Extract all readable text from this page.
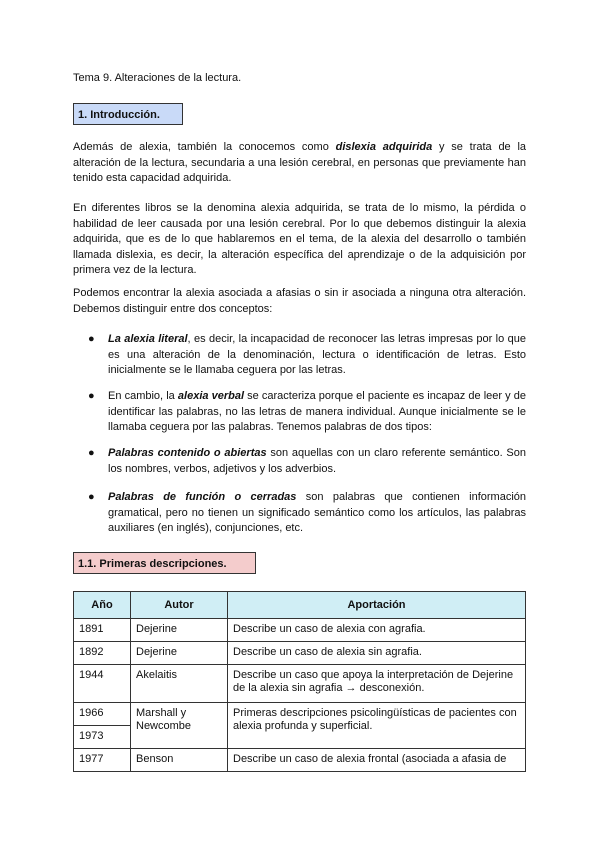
Tema 9. Alteraciones de la lectura.
1. Introducción.

Además de alexia, también la conocemos como dislexia adquirida y se trata de la alteración de la lectura, secundaria a una lesión cerebral, en personas que previamente han tenido esta capacidad adquirida.

En diferentes libros se la denomina alexia adquirida, se trata de lo mismo, la pérdida o habilidad de leer causada por una lesión cerebral. Por lo que debemos distinguir la alexia adquirida, que es de lo que hablaremos en el tema, de la alexia del desarrollo o también llamada dislexia, es decir, la alteración específica del aprendizaje o de la adquisición por primera vez de la lectura.

Podemos encontrar la alexia asociada a afasias o sin ir asociada a ninguna otra alteración. Debemos distinguir entre dos conceptos:

● La alexia literal, es decir, la incapacidad de reconocer las letras impresas por lo que es una alteración de la denominación, lectura o identificación de letras. Esto inicialmente se le llamaba ceguera por las letras.
● En cambio, la alexia verbal se caracteriza porque el paciente es incapaz de leer y de identificar las palabras, no las letras de manera individual. Aunque inicialmente se le llamaba ceguera por las palabras. Tenemos palabras de dos tipos:
● Palabras contenido o abiertas son aquellas con un claro referente semántico. Son los nombres, verbos, adjetivos y los adverbios.
● Palabras de función o cerradas son palabras que contienen información gramatical, pero no tienen un significado semántico como los artículos, las palabras auxiliares (en inglés), conjunciones, etc.
1.1. Primeras descripciones.
Año	Autor	Aportación
1891	Dejerine	Describe un caso de alexia con agrafia.
1892	Dejerine	Describe un caso de alexia sin agrafia.
1944	Akelaitis	Describe un caso que apoya la interpretación de Dejerine de la alexia sin agrafia → desconexión.
1966	Marshall y Newcombe	Primeras descripciones psicolingüísticas de pacientes con alexia profunda y superficial.
1973		
1977	Benson	Describe un caso de alexia frontal (asociada a afasia de
